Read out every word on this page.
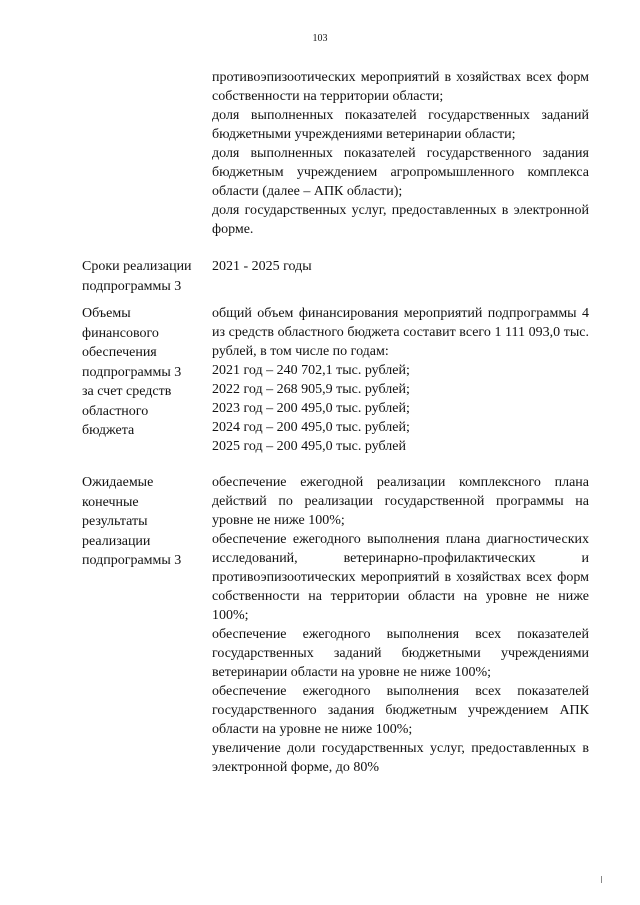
103

противоэпизоотических мероприятий в хозяйствах всех форм собственности на территории области;

доля выполненных показателей государственных заданий бюджетными учреждениями ветеринарии области;

доля выполненных показателей государственного задания бюджетным учреждением агропромышленного комплекса области (далее – АПК области);

доля государственных услуг, предоставленных в электронной форме.

Сроки реализации
подпрограммы 3

2021 - 2025 годы

Объемы
финансового
обеспечения
подпрограммы 3
за счет средств
областного
бюджета

общий объем финансирования мероприятий подпрограммы 4 из средств областного бюджета составит всего 1 111 093,0 тыс. рублей, в том числе по годам:

2021 год – 240 702,1 тыс. рублей;
2022 год – 268 905,9 тыс. рублей;
2023 год – 200 495,0 тыс. рублей;
2024 год – 200 495,0 тыс. рублей;
2025 год – 200 495,0 тыс. рублей
Ожидаемые
конечные
результаты
реализации
подпрограммы 3

обеспечение ежегодной реализации комплексного плана действий по реализации государственной программы на уровне не ниже 100%;

обеспечение ежегодного выполнения плана диагностических исследований, ветеринарно-профилактических и противоэпизоотических мероприятий в хозяйствах всех форм собственности на территории области на уровне не ниже 100%;

обеспечение ежегодного выполнения всех показателей государственных заданий бюджетными учреждениями ветеринарии области на уровне не ниже 100%;

обеспечение ежегодного выполнения всех показателей государственного задания бюджетным учреждением АПК области на уровне не ниже 100%;

увеличение доли государственных услуг, предоставленных в электронной форме, до 80%
